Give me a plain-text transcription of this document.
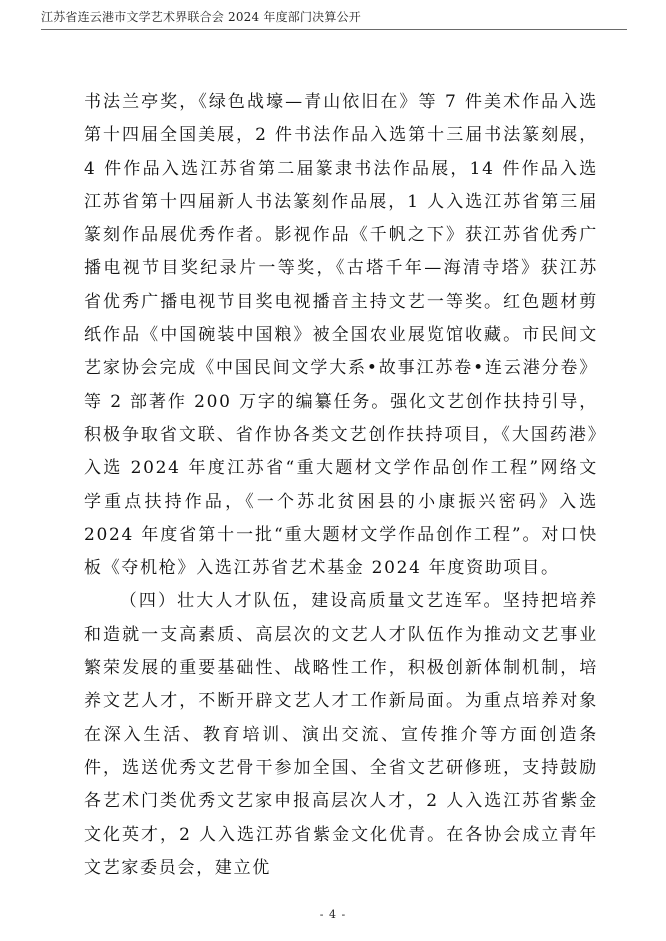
江苏省连云港市文学艺术界联合会 2024 年度部门决算公开

书法兰亭奖，《绿色战壕—青山依旧在》等 7 件美术作品入选第十四届全国美展，2 件书法作品入选第十三届书法篆刻展，4 件作品入选江苏省第二届篆隶书法作品展，14 件作品入选江苏省第十四届新人书法篆刻作品展，1 人入选江苏省第三届篆刻作品展优秀作者。影视作品《千帆之下》获江苏省优秀广播电视节目奖纪录片一等奖，《古塔千年—海清寺塔》获江苏省优秀广播电视节目奖电视播音主持文艺一等奖。红色题材剪纸作品《中国碗装中国粮》被全国农业展览馆收藏。市民间文艺家协会完成《中国民间文学大系•故事江苏卷•连云港分卷》等 2 部著作 200 万字的编纂任务。强化文艺创作扶持引导，积极争取省文联、省作协各类文艺创作扶持项目，《大国药港》入选 2024 年度江苏省“重大题材文学作品创作工程”网络文学重点扶持作品，《一个苏北贫困县的小康振兴密码》入选 2024 年度省第十一批“重大题材文学作品创作工程”。对口快板《夺机枪》入选江苏省艺术基金 2024 年度资助项目。

（四）壮大人才队伍，建设高质量文艺连军。坚持把培养和造就一支高素质、高层次的文艺人才队伍作为推动文艺事业繁荣发展的重要基础性、战略性工作，积极创新体制机制，培养文艺人才，不断开辟文艺人才工作新局面。为重点培养对象在深入生活、教育培训、演出交流、宣传推介等方面创造条件，选送优秀文艺骨干参加全国、全省文艺研修班，支持鼓励各艺术门类优秀文艺家申报高层次人才，2 人入选江苏省紫金文化英才，2 人入选江苏省紫金文化优青。在各协会成立青年文艺家委员会，建立优

- 4 -
